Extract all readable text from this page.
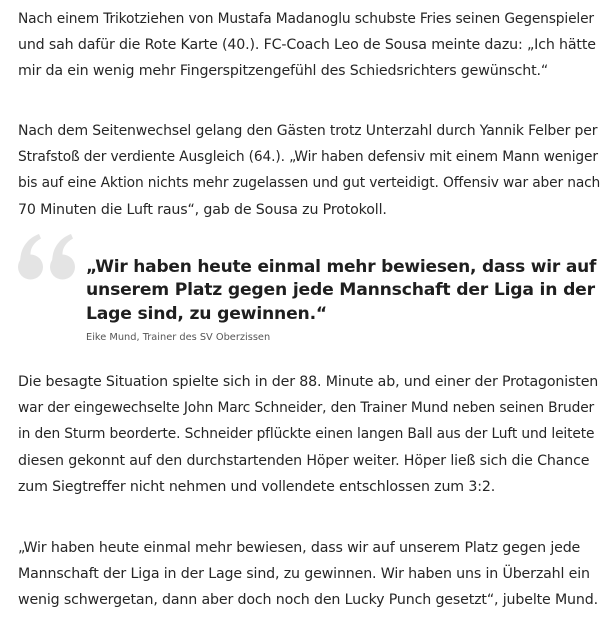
Nach einem Trikotziehen von Mustafa Madanoglu schubste Fries seinen Gegenspieler
und sah dafür die Rote Karte (40.). FC-Coach Leo de Sousa meinte dazu: „Ich hätte
mir da ein wenig mehr Fingerspitzengefühl des Schiedsrichters gewünscht.“

Nach dem Seitenwechsel gelang den Gästen trotz Unterzahl durch Yannik Felber per
Strafstoß der verdiente Ausgleich (64.). „Wir haben defensiv mit einem Mann weniger
bis auf eine Aktion nichts mehr zugelassen und gut verteidigt. Offensiv war aber nach
70 Minuten die Luft raus“, gab de Sousa zu Protokoll.

„Wir haben heute einmal mehr bewiesen, dass wir auf
unserem Platz gegen jede Mannschaft der Liga in der
Lage sind, zu gewinnen.“

Eike Mund, Trainer des SV Oberzissen

Die besagte Situation spielte sich in der 88. Minute ab, und einer der Protagonisten
war der eingewechselte John Marc Schneider, den Trainer Mund neben seinen Bruder
in den Sturm beorderte. Schneider pflückte einen langen Ball aus der Luft und leitete
diesen gekonnt auf den durchstartenden Höper weiter. Höper ließ sich die Chance
zum Siegtreffer nicht nehmen und vollendete entschlossen zum 3:2.

„Wir haben heute einmal mehr bewiesen, dass wir auf unserem Platz gegen jede
Mannschaft der Liga in der Lage sind, zu gewinnen. Wir haben uns in Überzahl ein
wenig schwergetan, dann aber doch noch den Lucky Punch gesetzt“, jubelte Mund.
